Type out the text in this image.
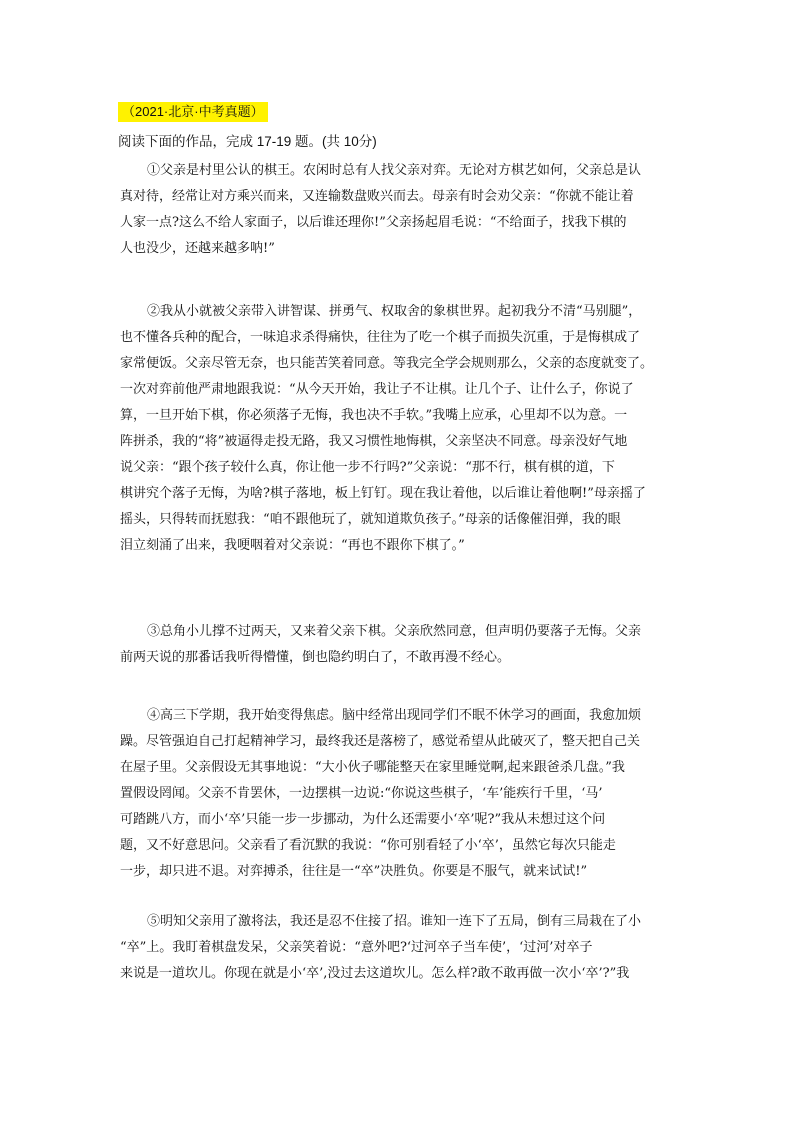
（2021·北京·中考真题）
阅读下面的作品，完成 17-19 题。(共 10分)
①父亲是村里公认的棋王。农闲时总有人找父亲对弈。无论对方棋艺如何，父亲总是认
真对待，经常让对方乘兴而来，又连输数盘败兴而去。母亲有时会劝父亲：“你就不能让着
人家一点?这么不给人家面子，以后谁还理你!”父亲扬起眉毛说：“不给面子，找我下棋的
人也没少，还越来越多呐!”
②我从小就被父亲带入讲智谋、拼勇气、权取舍的象棋世界。起初我分不清“马别腿”，
也不懂各兵种的配合，一味追求杀得痛快，往往为了吃一个棋子而损失沉重，于是悔棋成了
家常便饭。父亲尽管无奈，也只能苦笑着同意。等我完全学会规则那么，父亲的态度就变了。
一次对弈前他严肃地跟我说：“从今天开始，我让子不让棋。让几个子、让什么子，你说了
算，一旦开始下棋，你必须落子无悔，我也决不手软。”我嘴上应承，心里却不以为意。一
阵拼杀，我的“将”被逼得走投无路，我又习惯性地悔棋，父亲坚决不同意。母亲没好气地
说父亲：“跟个孩子较什么真，你让他一步不行吗?”父亲说：“那不行，棋有棋的道，下
棋讲究个落子无悔，为啥?棋子落地，板上钉钉。现在我让着他，以后谁让着他啊!”母亲摇了
摇头，只得转而抚慰我：“咱不跟他玩了，就知道欺负孩子。”母亲的话像催泪弹，我的眼
泪立刻涌了出来，我哽咽着对父亲说：“再也不跟你下棋了。”
③总角小儿撑不过两天，又来着父亲下棋。父亲欣然同意，但声明仍要落子无悔。父亲
前两天说的那番话我听得懵懂，倒也隐约明白了，不敢再漫不经心。
④高三下学期，我开始变得焦虑。脑中经常出现同学们不眠不休学习的画面，我愈加烦
躁。尽管强迫自己打起精神学习，最终我还是落榜了，感觉希望从此破灭了，整天把自己关
在屋子里。父亲假设无其事地说：“大小伙子哪能整天在家里睡觉啊,起来跟爸杀几盘。”我
置假设罔闻。父亲不肯罢休，一边摆棋一边说:“你说这些棋子，‘车’能疾行千里，‘马’
可踏跳八方，而小‘卒’只能一步一步挪动，为什么还需要小‘卒’呢?”我从未想过这个问
题，又不好意思问。父亲看了看沉默的我说：“你可别看轻了小‘卒’，虽然它每次只能走
一步，却只进不退。对弈搏杀，往往是一“卒”决胜负。你要是不服气，就来试试!”
⑤明知父亲用了激将法，我还是忍不住接了招。谁知一连下了五局，倒有三局栽在了小
“卒”上。我盯着棋盘发呆，父亲笑着说：“意外吧?‘过河卒子当车使’，‘过河’对卒子
来说是一道坎儿。你现在就是小‘卒’,没过去这道坎儿。怎么样?敢不敢再做一次小‘卒’?”我
